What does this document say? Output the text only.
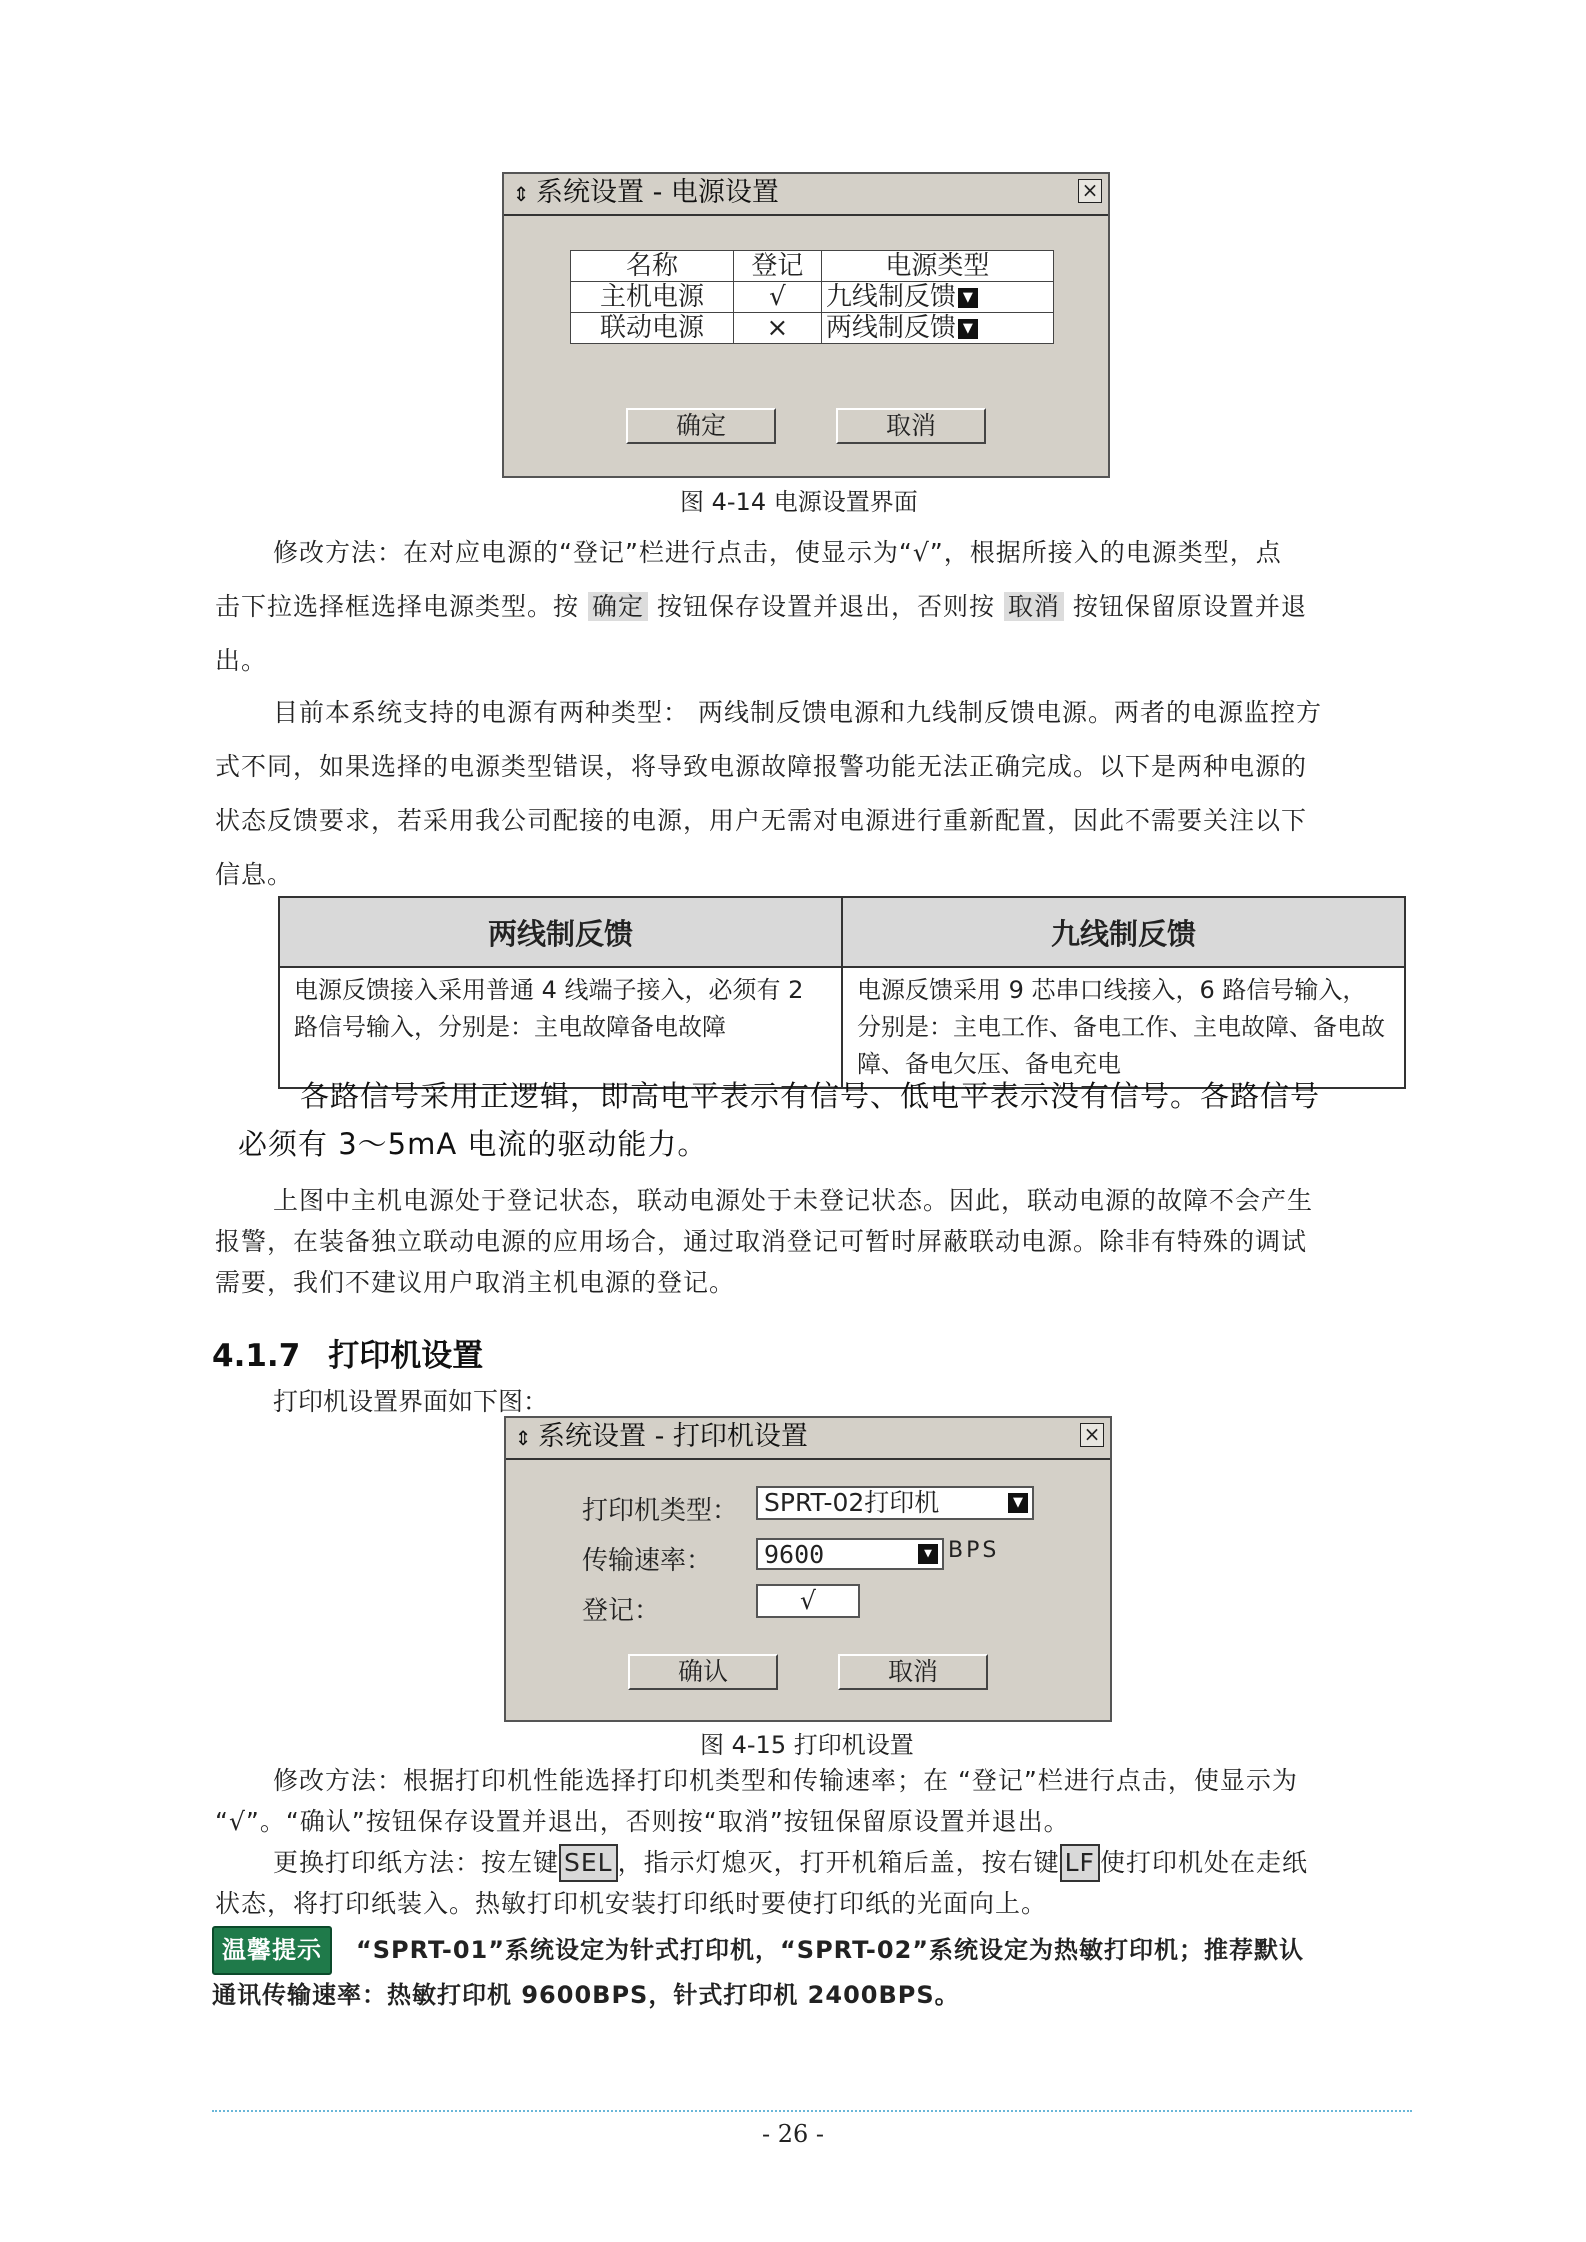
⇕ 系统设置 - 电源设置	×
名称	登记	电源类型
主机电源	√	九线制反馈 ▼
联动电源	×	两线制反馈 ▼
确定	取消
图 4-14 电源设置界面
修改方法：在对应电源的“登记”栏进行点击，使显示为“√”，根据所接入的电源类型，点
击下拉选择框选择电源类型。按 确定 按钮保存设置并退出，否则按 取消 按钮保留原设置并退
出。
目前本系统支持的电源有两种类型： 两线制反馈电源和九线制反馈电源。两者的电源监控方
式不同，如果选择的电源类型错误，将导致电源故障报警功能无法正确完成。以下是两种电源的
状态反馈要求，若采用我公司配接的电源，用户无需对电源进行重新配置，因此不需要关注以下
信息。
两线制反馈	九线制反馈
电源反馈接入采用普通 4 线端子接入，必须有 2 路信号输入，分别是：主电故障备电故障	电源反馈采用 9 芯串口线接入，6 路信号输入，分别是：主电工作、备电工作、主电故障、备电故障、备电欠压、备电充电
各路信号采用正逻辑，即高电平表示有信号、低电平表示没有信号。各路信号
必须有 3～5mA 电流的驱动能力。
上图中主机电源处于登记状态，联动电源处于未登记状态。因此，联动电源的故障不会产生
报警，在装备独立联动电源的应用场合，通过取消登记可暂时屏蔽联动电源。除非有特殊的调试
需要，我们不建议用户取消主机电源的登记。
4.1.7 打印机设置
打印机设置界面如下图：
⇕ 系统设置 - 打印机设置	×
打印机类型：	SPRT-02打印机	▼
传输速率：	9600	▼ BPS
登记：	√
确认	取消
图 4-15 打印机设置
修改方法：根据打印机性能选择打印机类型和传输速率；在 “登记”栏进行点击，使显示为
“√”。“确认”按钮保存设置并退出，否则按“取消”按钮保留原设置并退出。
更换打印纸方法：按左键 SEL ，指示灯熄灭，打开机箱后盖，按右键 LF 使打印机处在走纸
状态，将打印纸装入。热敏打印机安装打印纸时要使打印纸的光面向上。
温馨提示 “SPRT-01”系统设定为针式打印机，“SPRT-02”系统设定为热敏打印机；推荐默认
通讯传输速率：热敏打印机 9600BPS，针式打印机 2400BPS。
- 26 -
